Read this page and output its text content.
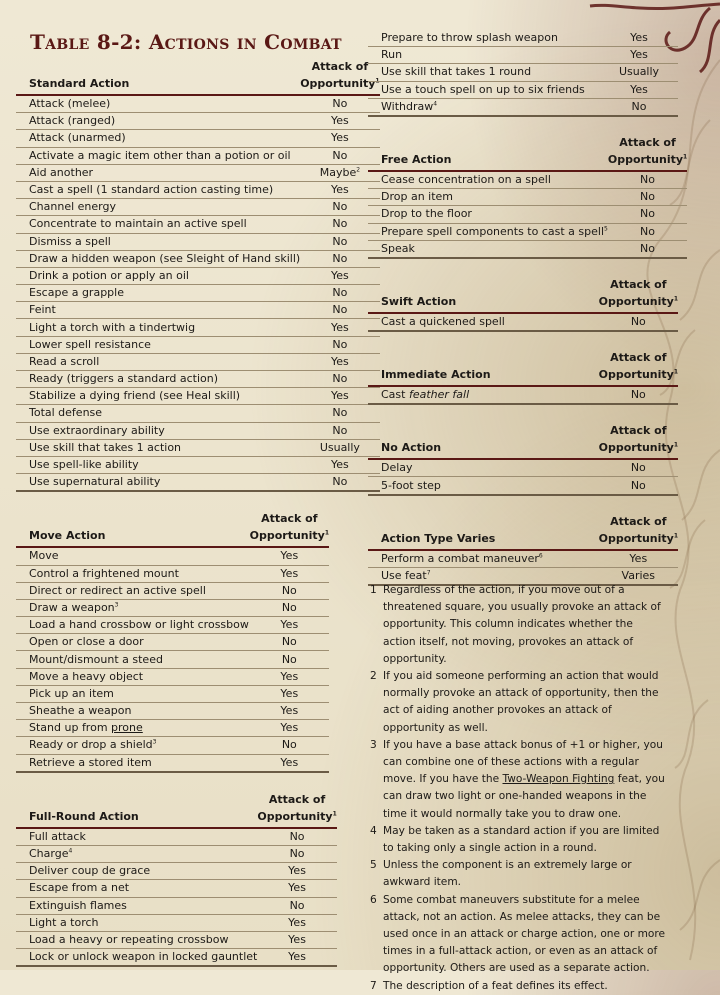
Table 8-2: Actions in Combat
Standard Action	Attack of
Opportunity$^1$
Attack (melee)	No
Attack (ranged)	Yes
Attack (unarmed)	Yes
Activate a magic item other than a potion or oil	No
Aid another	Maybe$^2$
Cast a spell (1 standard action casting time)	Yes
Channel energy	No
Concentrate to maintain an active spell	No
Dismiss a spell	No
Draw a hidden weapon (see Sleight of Hand skill)	No
Drink a potion or apply an oil	Yes
Escape a grapple	No
Feint	No
Light a torch with a tindertwig	Yes
Lower spell resistance	No
Read a scroll	Yes
Ready (triggers a standard action)	No
Stabilize a dying friend (see Heal skill)	Yes
Total defense	No
Use extraordinary ability	No
Use skill that takes 1 action	Usually
Use spell-like ability	Yes
Use supernatural ability	No
Move Action	Attack of
Opportunity$^1$
Move	Yes
Control a frightened mount	Yes
Direct or redirect an active spell	No
Draw a weapon$^3$	No
Load a hand crossbow or light crossbow	Yes
Open or close a door	No
Mount/dismount a steed	No
Move a heavy object	Yes
Pick up an item	Yes
Sheathe a weapon	Yes
Stand up from prone	Yes
Ready or drop a shield$^3$	No
Retrieve a stored item	Yes
Full-Round Action	Attack of
Opportunity$^1$
Full attack	No
Charge$^4$	No
Deliver coup de grace	Yes
Escape from a net	Yes
Extinguish flames	No
Light a torch	Yes
Load a heavy or repeating crossbow	Yes
Lock or unlock weapon in locked gauntlet	Yes
Prepare to throw splash weapon	Yes
Run	Yes
Use skill that takes 1 round	Usually
Use a touch spell on up to six friends	Yes
Withdraw$^4$	No
Free Action	Attack of
Opportunity$^1$
Cease concentration on a spell	No
Drop an item	No
Drop to the floor	No
Prepare spell components to cast a spell$^5$	No
Speak	No
Swift Action	Attack of
Opportunity$^1$
Cast a quickened spell	No
Immediate Action	Attack of
Opportunity$^1$
Cast feather fall	No
No Action	Attack of
Opportunity$^1$
Delay	No
5-foot step	No
Action Type Varies	Attack of
Opportunity$^1$
Perform a combat maneuver$^6$	Yes
Use feat$^7$	Varies
1 Regardless of the action, if you move out of a threatened square, you usually provoke an attack of opportunity. This column indicates whether the action itself, not moving, provokes an attack of opportunity.
2 If you aid someone performing an action that would normally provoke an attack of opportunity, then the act of aiding another provokes an attack of opportunity as well.
3 If you have a base attack bonus of +1 or higher, you can combine one of these actions with a regular move. If you have the Two-Weapon Fighting feat, you can draw two light or one-handed weapons in the time it would normally take you to draw one.
4 May be taken as a standard action if you are limited to taking only a single action in a round.
5 Unless the component is an extremely large or awkward item.
6 Some combat maneuvers substitute for a melee attack, not an action. As melee attacks, they can be used once in an attack or charge action, one or more times in a full-attack action, or even as an attack of opportunity. Others are used as a separate action.
7 The description of a feat defines its effect.
